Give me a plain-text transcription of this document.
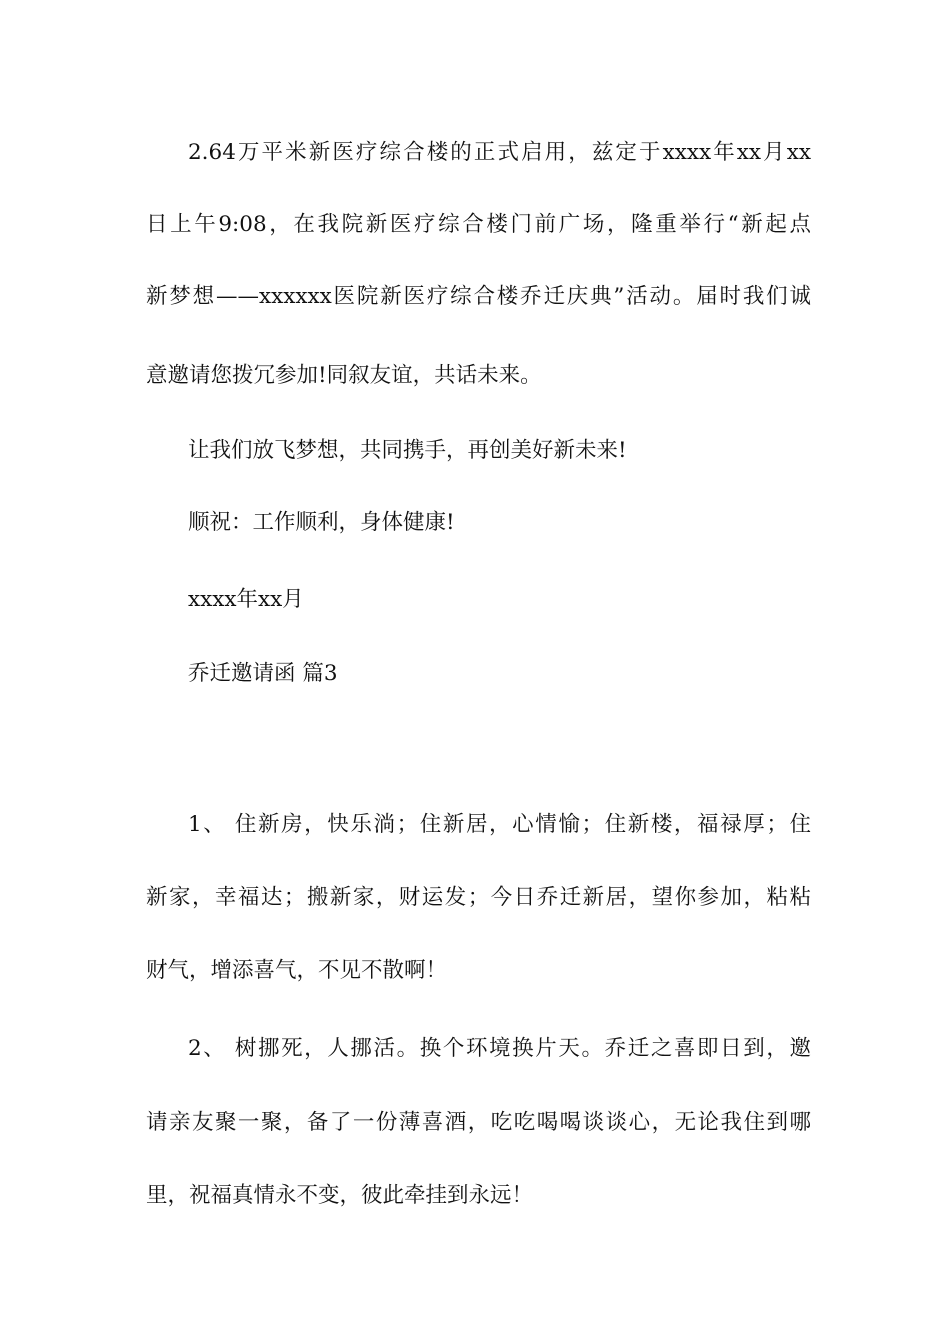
2.64万平米新医疗综合楼的正式启用，兹定于xxxx年xx月xx
日上午9:08，在我院新医疗综合楼门前广场，隆重举行“新起点
新梦想——xxxxxx医院新医疗综合楼乔迁庆典”活动。届时我们诚
意邀请您拨冗参加!同叙友谊，共话未来。
让我们放飞梦想，共同携手，再创美好新未来!
顺祝：工作顺利，身体健康!
xxxx年xx月
乔迁邀请函 篇3
1、 住新房，快乐淌；住新居，心情愉；住新楼，福禄厚；住
新家，幸福达；搬新家，财运发；今日乔迁新居，望你参加，粘粘
财气，增添喜气，不见不散啊！
2、 树挪死，人挪活。换个环境换片天。乔迁之喜即日到，邀
请亲友聚一聚，备了一份薄喜酒，吃吃喝喝谈谈心，无论我住到哪
里，祝福真情永不变，彼此牵挂到永远！
